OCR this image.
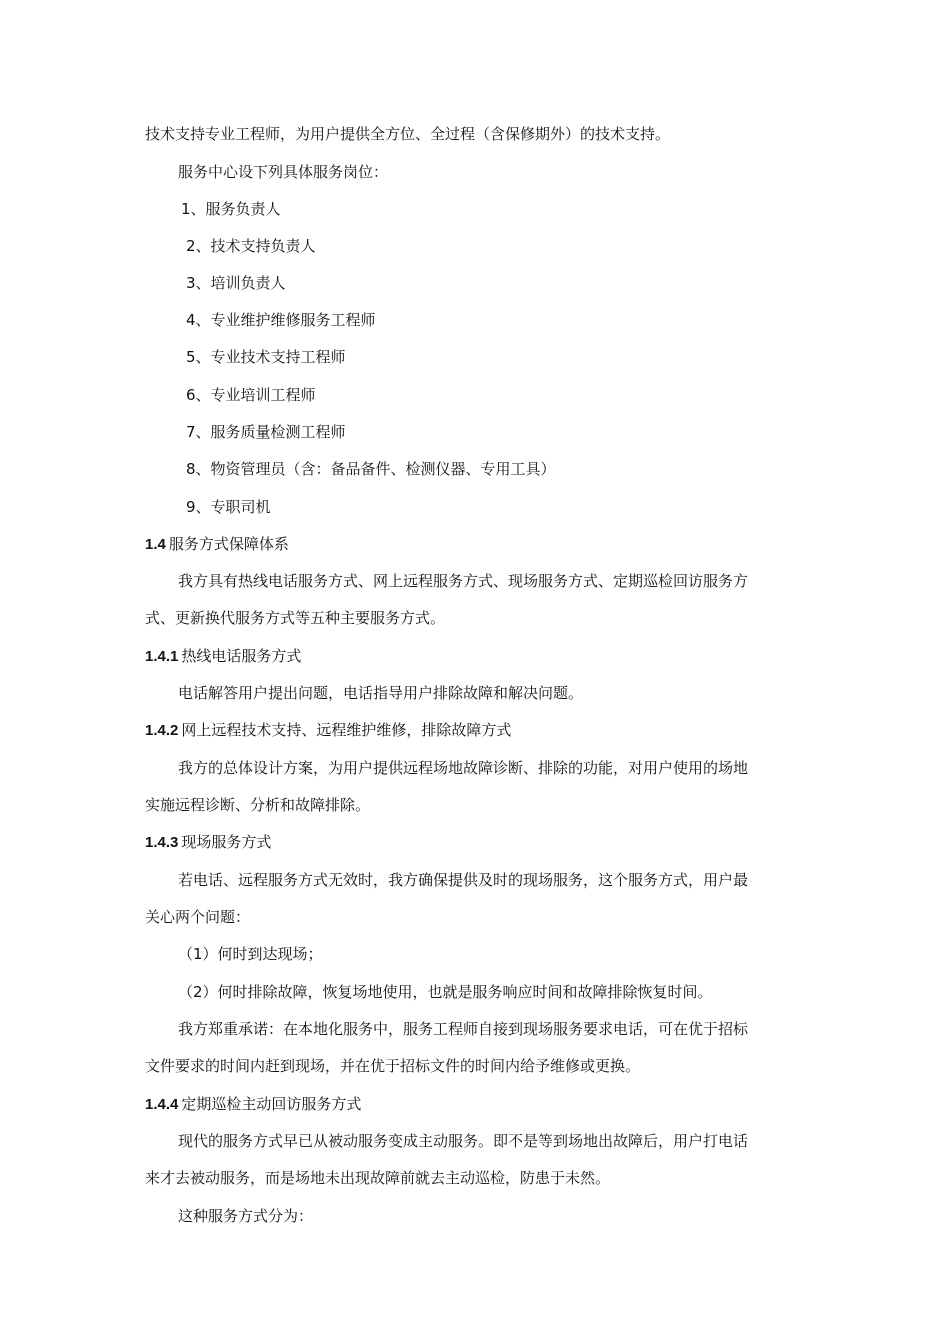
技术支持专业工程师，为用户提供全方位、全过程（含保修期外）的技术支持。
服务中心设下列具体服务岗位：
1、服务负责人
2、技术支持负责人
3、培训负责人
4、专业维护维修服务工程师
5、专业技术支持工程师
6、专业培训工程师
7、服务质量检测工程师
8、物资管理员（含：备品备件、检测仪器、专用工具）
9、专职司机
1.4 服务方式保障体系
我方具有热线电话服务方式、网上远程服务方式、现场服务方式、定期巡检回访服务方
式、更新换代服务方式等五种主要服务方式。
1.4.1 热线电话服务方式
电话解答用户提出问题，电话指导用户排除故障和解决问题。
1.4.2 网上远程技术支持、远程维护维修，排除故障方式
我方的总体设计方案，为用户提供远程场地故障诊断、排除的功能，对用户使用的场地
实施远程诊断、分析和故障排除。
1.4.3 现场服务方式
若电话、远程服务方式无效时，我方确保提供及时的现场服务，这个服务方式，用户最
关心两个问题：
（1）何时到达现场；
（2）何时排除故障，恢复场地使用，也就是服务响应时间和故障排除恢复时间。
我方郑重承诺：在本地化服务中，服务工程师自接到现场服务要求电话，可在优于招标
文件要求的时间内赶到现场，并在优于招标文件的时间内给予维修或更换。
1.4.4 定期巡检主动回访服务方式
现代的服务方式早已从被动服务变成主动服务。即不是等到场地出故障后，用户打电话
来才去被动服务，而是场地未出现故障前就去主动巡检，防患于未然。
这种服务方式分为：
